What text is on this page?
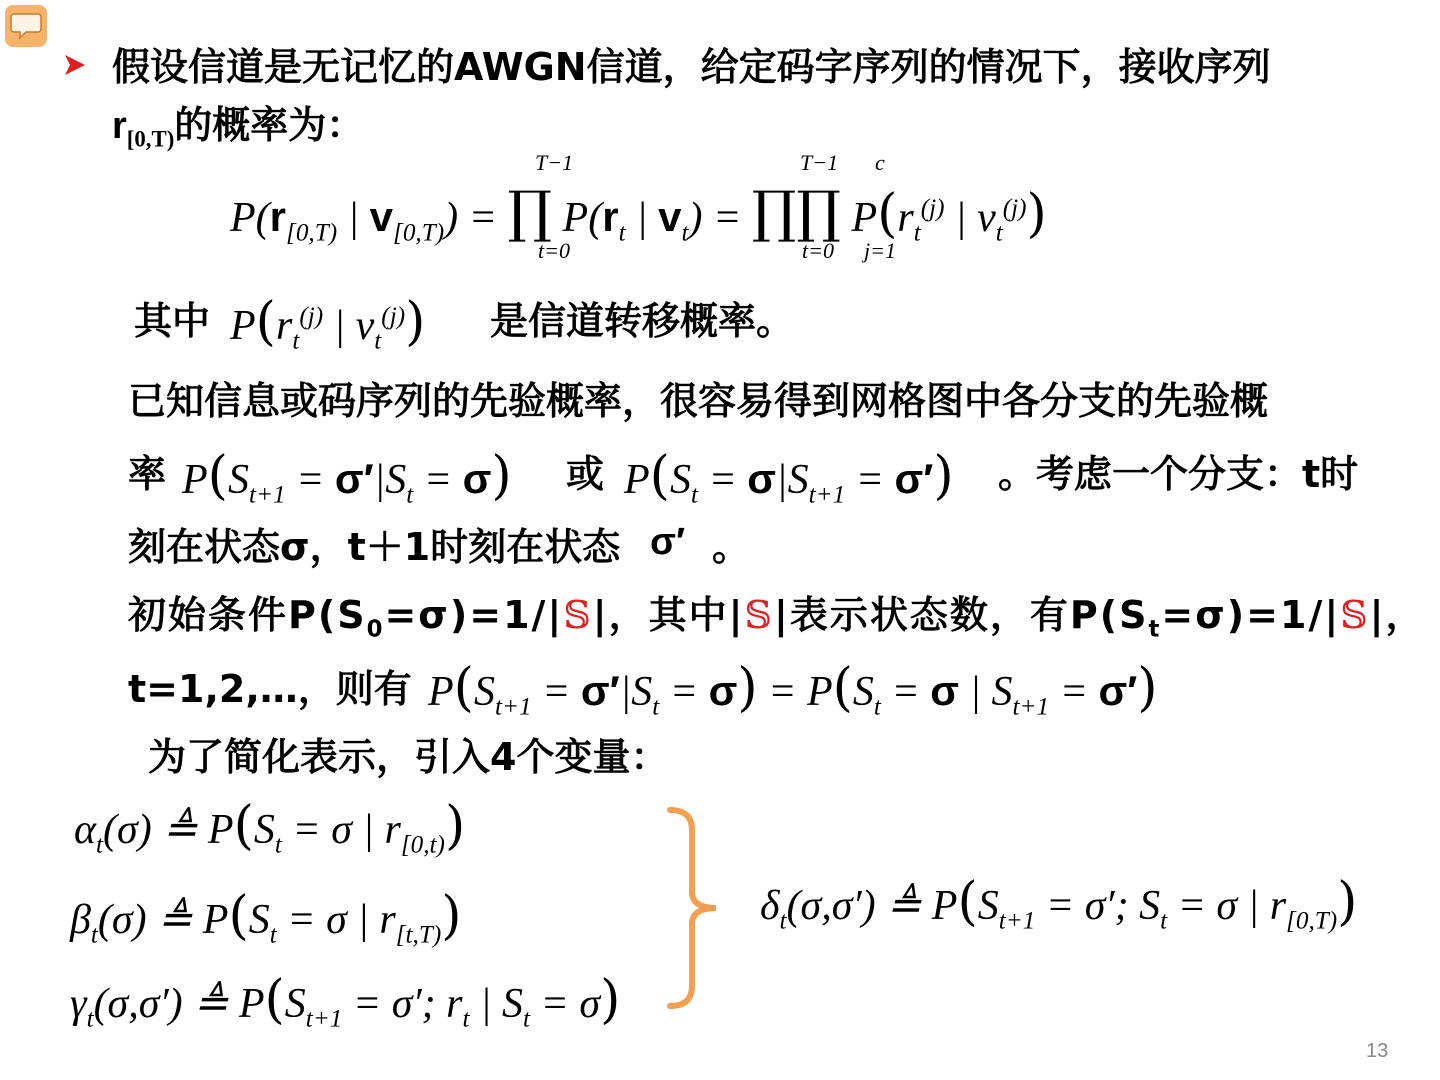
假设信道是无记忆的AWGN信道，给定码字序列的情况下，接收序列
$r_{[0,T)}$的概率为：
$P(r_{[0,T)}$ | $v_{[0,T)}$) = ∏ $P(r_t$ | $v_t$) = ∏∏ $P(r_t^{(j)}$ | $v_t^{(j)}$)
T−1
t=0
T−1
t=0
c
j=1
其中 $P(r_t^{(j)}$ | $v_t^{(j)}$) 是信道转移概率。
已知信息或码序列的先验概率，很容易得到网格图中各分支的先验概
率 $P(S_{t+1} = \sigma'|S_t = \sigma)$ 或 $P(S_t = \sigma|S_{t+1} = \sigma')$ 。考虑一个分支：t时
刻在状态σ，t＋1时刻在状态 σ′ 。
初始条件$P(S_0=\sigma)=1/|𝕊|$，其中|𝕊|表示状态数，有$P(S_t=\sigma)=1/|𝕊|$，
t=1,2,…，则有 $P(S_{t+1} = \sigma'|S_t = \sigma) = P(S_t = \sigma$ | $S_{t+1} = \sigma'$)
为了简化表示，引入4个变量：
$\alpha_t(\sigma)$ ≜ $P(S_t = \sigma$ | $r_{[0,t)}$)
$\beta_t(\sigma)$ ≜ $P(S_t = \sigma$ | $r_{[t,T)}$)
$\gamma_t(\sigma,\sigma')$ ≜ $P(S_{t+1} = \sigma'$; $r_t$ | $S_t = \sigma$)
$\delta_t(\sigma,\sigma')$ ≜ $P(S_{t+1} = \sigma'$; $S_t = \sigma$ | $r_{[0,T)}$)
13
